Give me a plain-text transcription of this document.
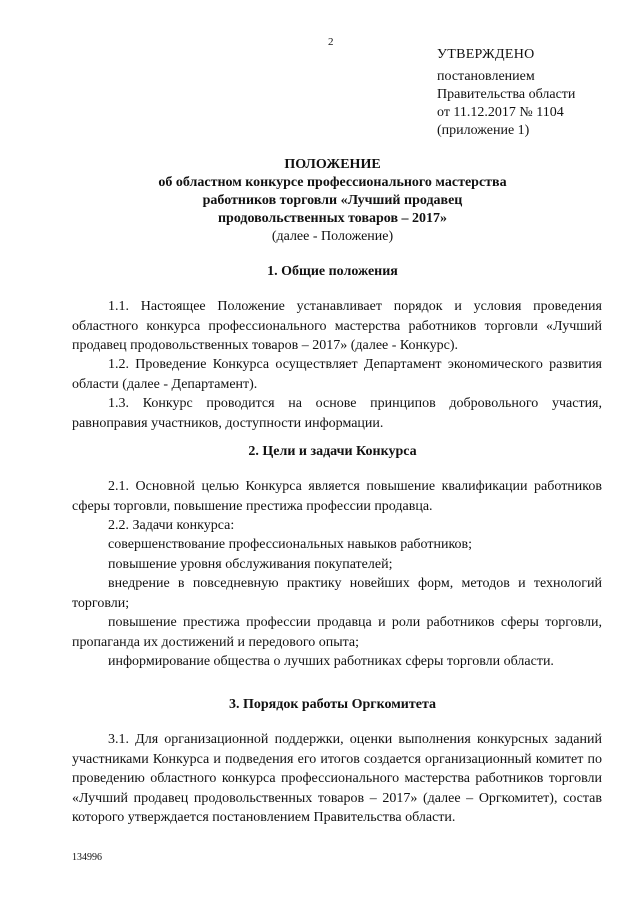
2
УТВЕРЖДЕНО
постановлением
Правительства области
от 11.12.2017 № 1104
(приложение 1)
ПОЛОЖЕНИЕ
об областном конкурсе профессионального мастерства
работников торговли «Лучший продавец
продовольственных товаров – 2017»
(далее - Положение)
1. Общие положения
1.1. Настоящее Положение устанавливает порядок и условия проведения областного конкурса профессионального мастерства работников торговли «Лучший продавец продовольственных товаров – 2017» (далее - Конкурс).
1.2. Проведение Конкурса осуществляет Департамент экономического развития области (далее - Департамент).
1.3. Конкурс проводится на основе принципов добровольного участия, равноправия участников, доступности информации.
2. Цели и задачи Конкурса
2.1. Основной целью Конкурса является повышение квалификации работников сферы торговли, повышение престижа профессии продавца.
2.2. Задачи конкурса:
совершенствование профессиональных навыков работников;
повышение уровня обслуживания покупателей;
внедрение в повседневную практику новейших форм, методов и технологий торговли;
повышение престижа профессии продавца и роли работников сферы торговли, пропаганда их достижений и передового опыта;
информирование общества о лучших работниках сферы торговли области.
3. Порядок работы Оргкомитета
3.1. Для организационной поддержки, оценки выполнения конкурсных заданий участниками Конкурса и подведения его итогов создается организационный комитет по проведению областного конкурса профессионального мастерства работников торговли «Лучший продавец продовольственных товаров – 2017» (далее – Оргкомитет), состав которого утверждается постановлением Правительства области.
134996
